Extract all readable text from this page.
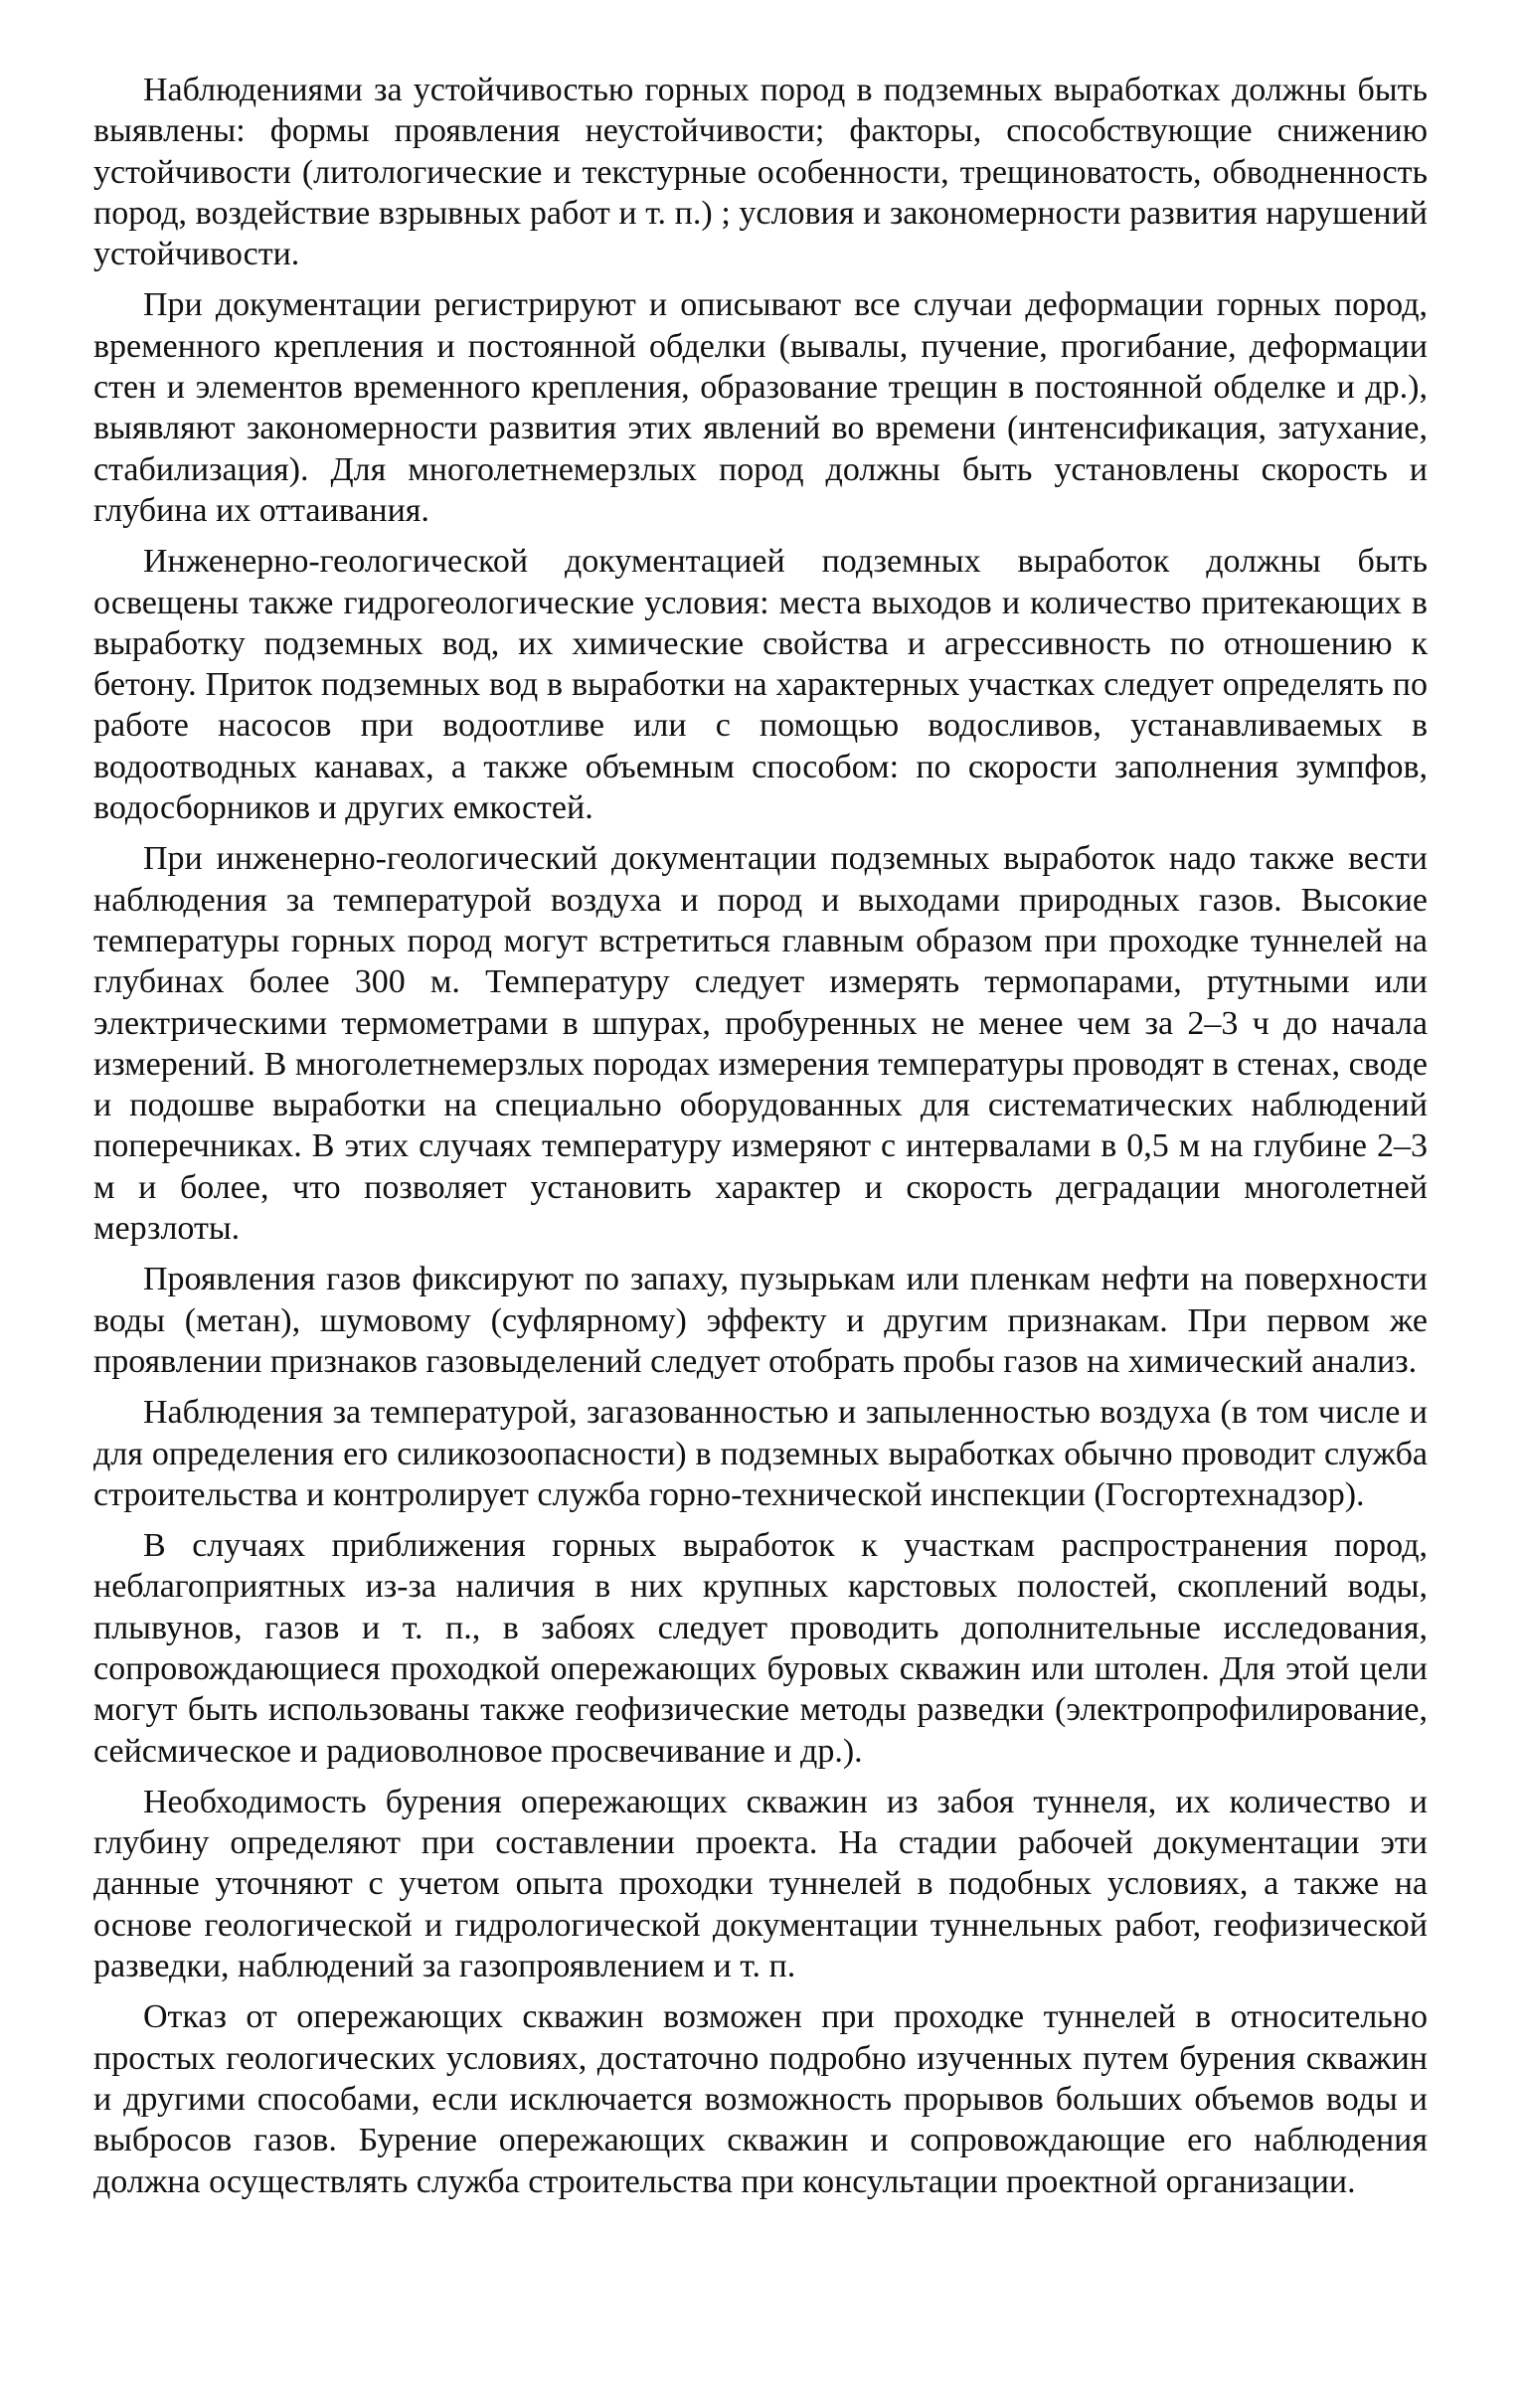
Наблюдениями за устойчивостью горных пород в подземных выработках должны быть выявлены: формы проявления неустойчивости; факторы, способствующие снижению устойчивости (литологические и текстурные особенности, трещиноватость, обводненность пород, воздействие взрывных работ и т. п.) ; условия и закономерности развития нарушений устойчивости.

При документации регистрируют и описывают все случаи деформации горных пород, временного крепления и постоянной обделки (вывалы, пучение, прогибание, деформации стен и элементов временного крепления, образование трещин в постоянной обделке и др.), выявляют закономерности развития этих явлений во времени (интенсификация, затухание, стабилизация). Для многолетнемерзлых пород должны быть установлены скорость и глубина их оттаивания.

Инженерно-геологической документацией подземных выработок должны быть освещены также гидрогеологические условия: места выходов и количество притекающих в выработку подземных вод, их химические свойства и агрессивность по отношению к бетону. Приток подземных вод в выработки на характерных участках следует определять по работе насосов при водоотливе или с помощью водосливов, устанавливаемых в водоотводных канавах, а также объемным способом: по скорости заполнения зумпфов, водосборников и других емкостей.

При инженерно-геологический документации подземных выработок надо также вести наблюдения за температурой воздуха и пород и выходами природных газов. Высокие температуры горных пород могут встретиться главным образом при проходке туннелей на глубинах более 300 м. Температуру следует измерять термопарами, ртутными или электрическими термометрами в шпурах, пробуренных не менее чем за 2–3 ч до начала измерений. В многолетнемерзлых породах измерения температуры проводят в стенах, своде и подошве выработки на специально оборудованных для систематических наблюдений поперечниках. В этих случаях температуру измеряют с интервалами в 0,5 м на глубине 2–3 м и более, что позволяет установить характер и скорость деградации многолетней мерзлоты.

Проявления газов фиксируют по запаху, пузырькам или пленкам нефти на поверхности воды (метан), шумовому (суфлярному) эффекту и другим признакам. При первом же проявлении признаков газовыделений следует отобрать пробы газов на химический анализ.

Наблюдения за температурой, загазованностью и запыленностью воздуха (в том числе и для определения его силикозоопасности) в подземных выработках обычно проводит служба строительства и контролирует служба горно-технической инспекции (Госгортехнадзор).

В случаях приближения горных выработок к участкам распространения пород, неблагоприятных из-за наличия в них крупных карстовых полостей, скоплений воды, плывунов, газов и т. п., в забоях следует проводить дополнительные исследования, сопровождающиеся проходкой опережающих буровых скважин или штолен. Для этой цели могут быть использованы также геофизические методы разведки (электропрофилирование, сейсмическое и радиоволновое просвечивание и др.).

Необходимость бурения опережающих скважин из забоя туннеля, их количество и глубину определяют при составлении проекта. На стадии рабочей документации эти данные уточняют с учетом опыта проходки туннелей в подобных условиях, а также на основе геологической и гидрологической документации туннельных работ, геофизической разведки, наблюдений за газопроявлением и т. п.

Отказ от опережающих скважин возможен при проходке туннелей в относительно простых геологических условиях, достаточно подробно изученных путем бурения скважин и другими способами, если исключается возможность прорывов больших объемов воды и выбросов газов. Бурение опережающих скважин и сопровождающие его наблюдения должна осуществлять служба строительства при консультации проектной организации.
